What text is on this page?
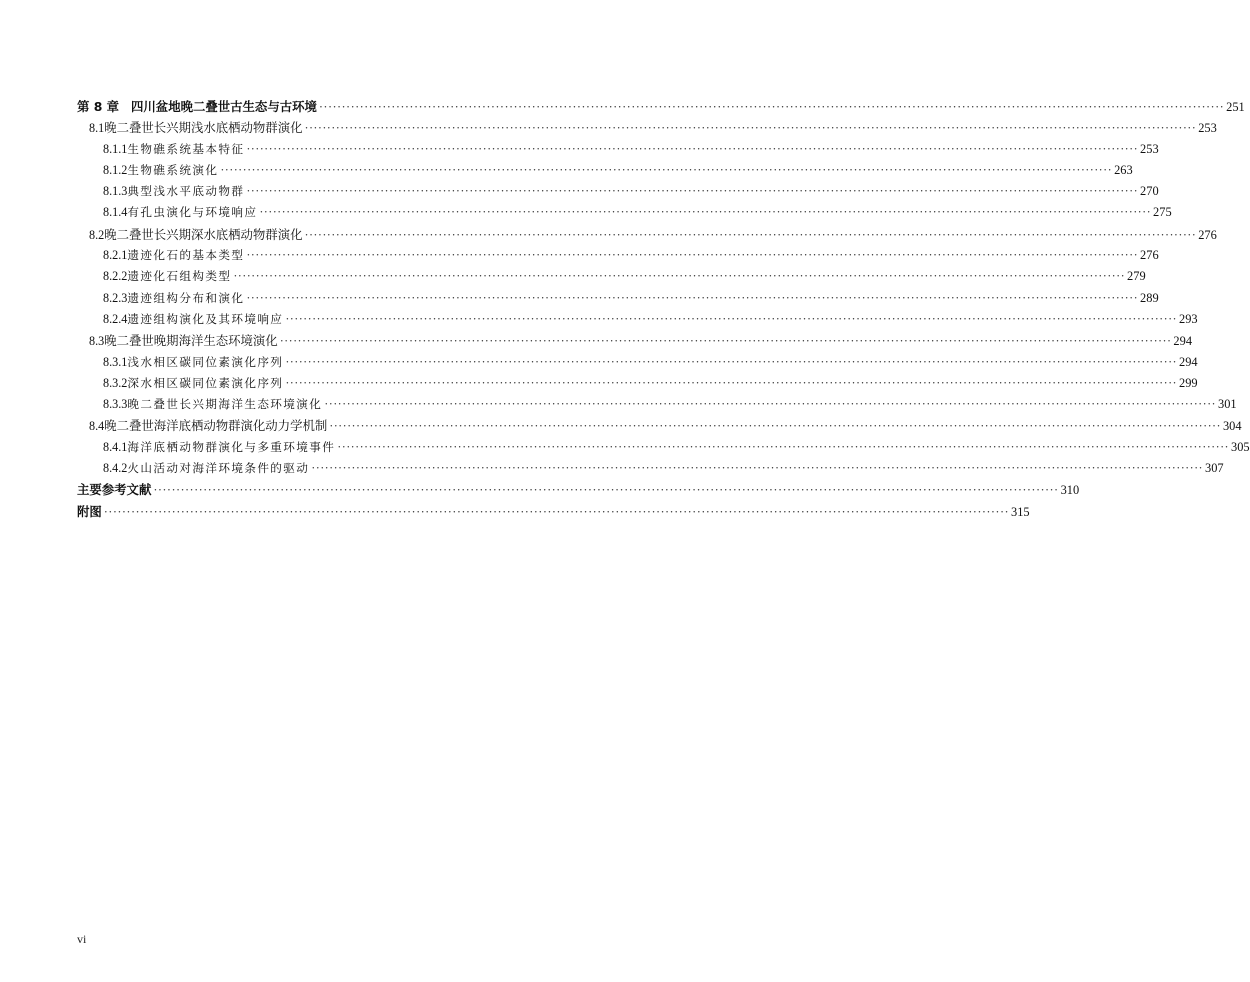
第 8 章 四川盆地晚二叠世古生态与古环境 ········································································································································································································ 251
8.1 晚二叠世长兴期浅水底栖动物群演化 ········································································································································································································ 253
8.1.1 生物礁系统基本特征 ········································································································································································································ 253
8.1.2 生物礁系统演化 ········································································································································································································ 263
8.1.3 典型浅水平底动物群 ········································································································································································································ 270
8.1.4 有孔虫演化与环境响应 ········································································································································································································ 275
8.2 晚二叠世长兴期深水底栖动物群演化 ········································································································································································································ 276
8.2.1 遗迹化石的基本类型 ········································································································································································································ 276
8.2.2 遗迹化石组构类型 ········································································································································································································ 279
8.2.3 遗迹组构分布和演化 ········································································································································································································ 289
8.2.4 遗迹组构演化及其环境响应 ········································································································································································································ 293
8.3 晚二叠世晚期海洋生态环境演化 ········································································································································································································ 294
8.3.1 浅水相区碳同位素演化序列 ········································································································································································································ 294
8.3.2 深水相区碳同位素演化序列 ········································································································································································································ 299
8.3.3 晚二叠世长兴期海洋生态环境演化 ········································································································································································································ 301
8.4 晚二叠世海洋底栖动物群演化动力学机制 ········································································································································································································ 304
8.4.1 海洋底栖动物群演化与多重环境事件 ········································································································································································································ 305
8.4.2 火山活动对海洋环境条件的驱动 ········································································································································································································ 307
主要参考文献 ········································································································································································································ 310
附图 ········································································································································································································ 315
vi
